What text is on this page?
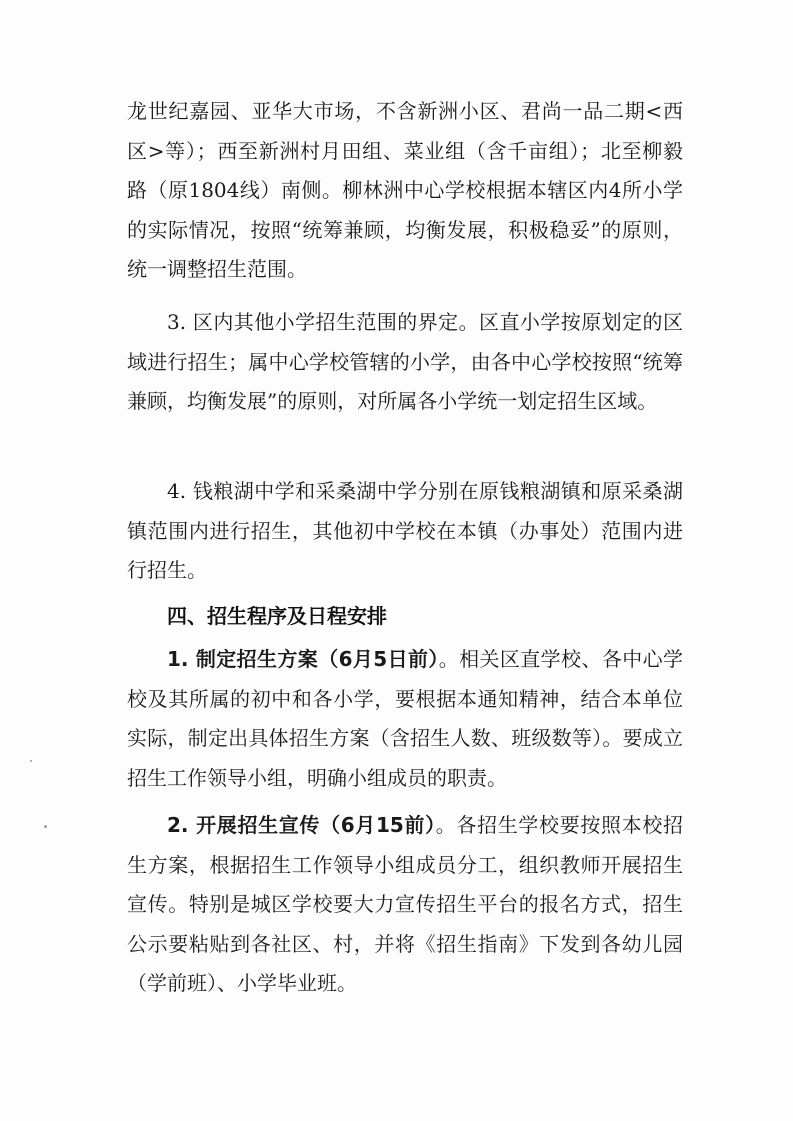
龙世纪嘉园、亚华大市场，不含新洲小区、君尚一品二期<西区>等）；西至新洲村月田组、菜业组（含千亩组）；北至柳毅路（原1804线）南侧。柳林洲中心学校根据本辖区内4所小学的实际情况，按照“统筹兼顾，均衡发展，积极稳妥”的原则，统一调整招生范围。

3. 区内其他小学招生范围的界定。区直小学按原划定的区域进行招生；属中心学校管辖的小学，由各中心学校按照“统筹兼顾，均衡发展”的原则，对所属各小学统一划定招生区域。

4. 钱粮湖中学和采桑湖中学分别在原钱粮湖镇和原采桑湖镇范围内进行招生，其他初中学校在本镇（办事处）范围内进行招生。

四、招生程序及日程安排

1. 制定招生方案（6月5日前）。相关区直学校、各中心学校及其所属的初中和各小学，要根据本通知精神，结合本单位实际，制定出具体招生方案（含招生人数、班级数等）。要成立招生工作领导小组，明确小组成员的职责。

2. 开展招生宣传（6月15前）。各招生学校要按照本校招生方案，根据招生工作领导小组成员分工，组织教师开展招生宣传。特别是城区学校要大力宣传招生平台的报名方式，招生公示要粘贴到各社区、村，并将《招生指南》下发到各幼儿园（学前班）、小学毕业班。
